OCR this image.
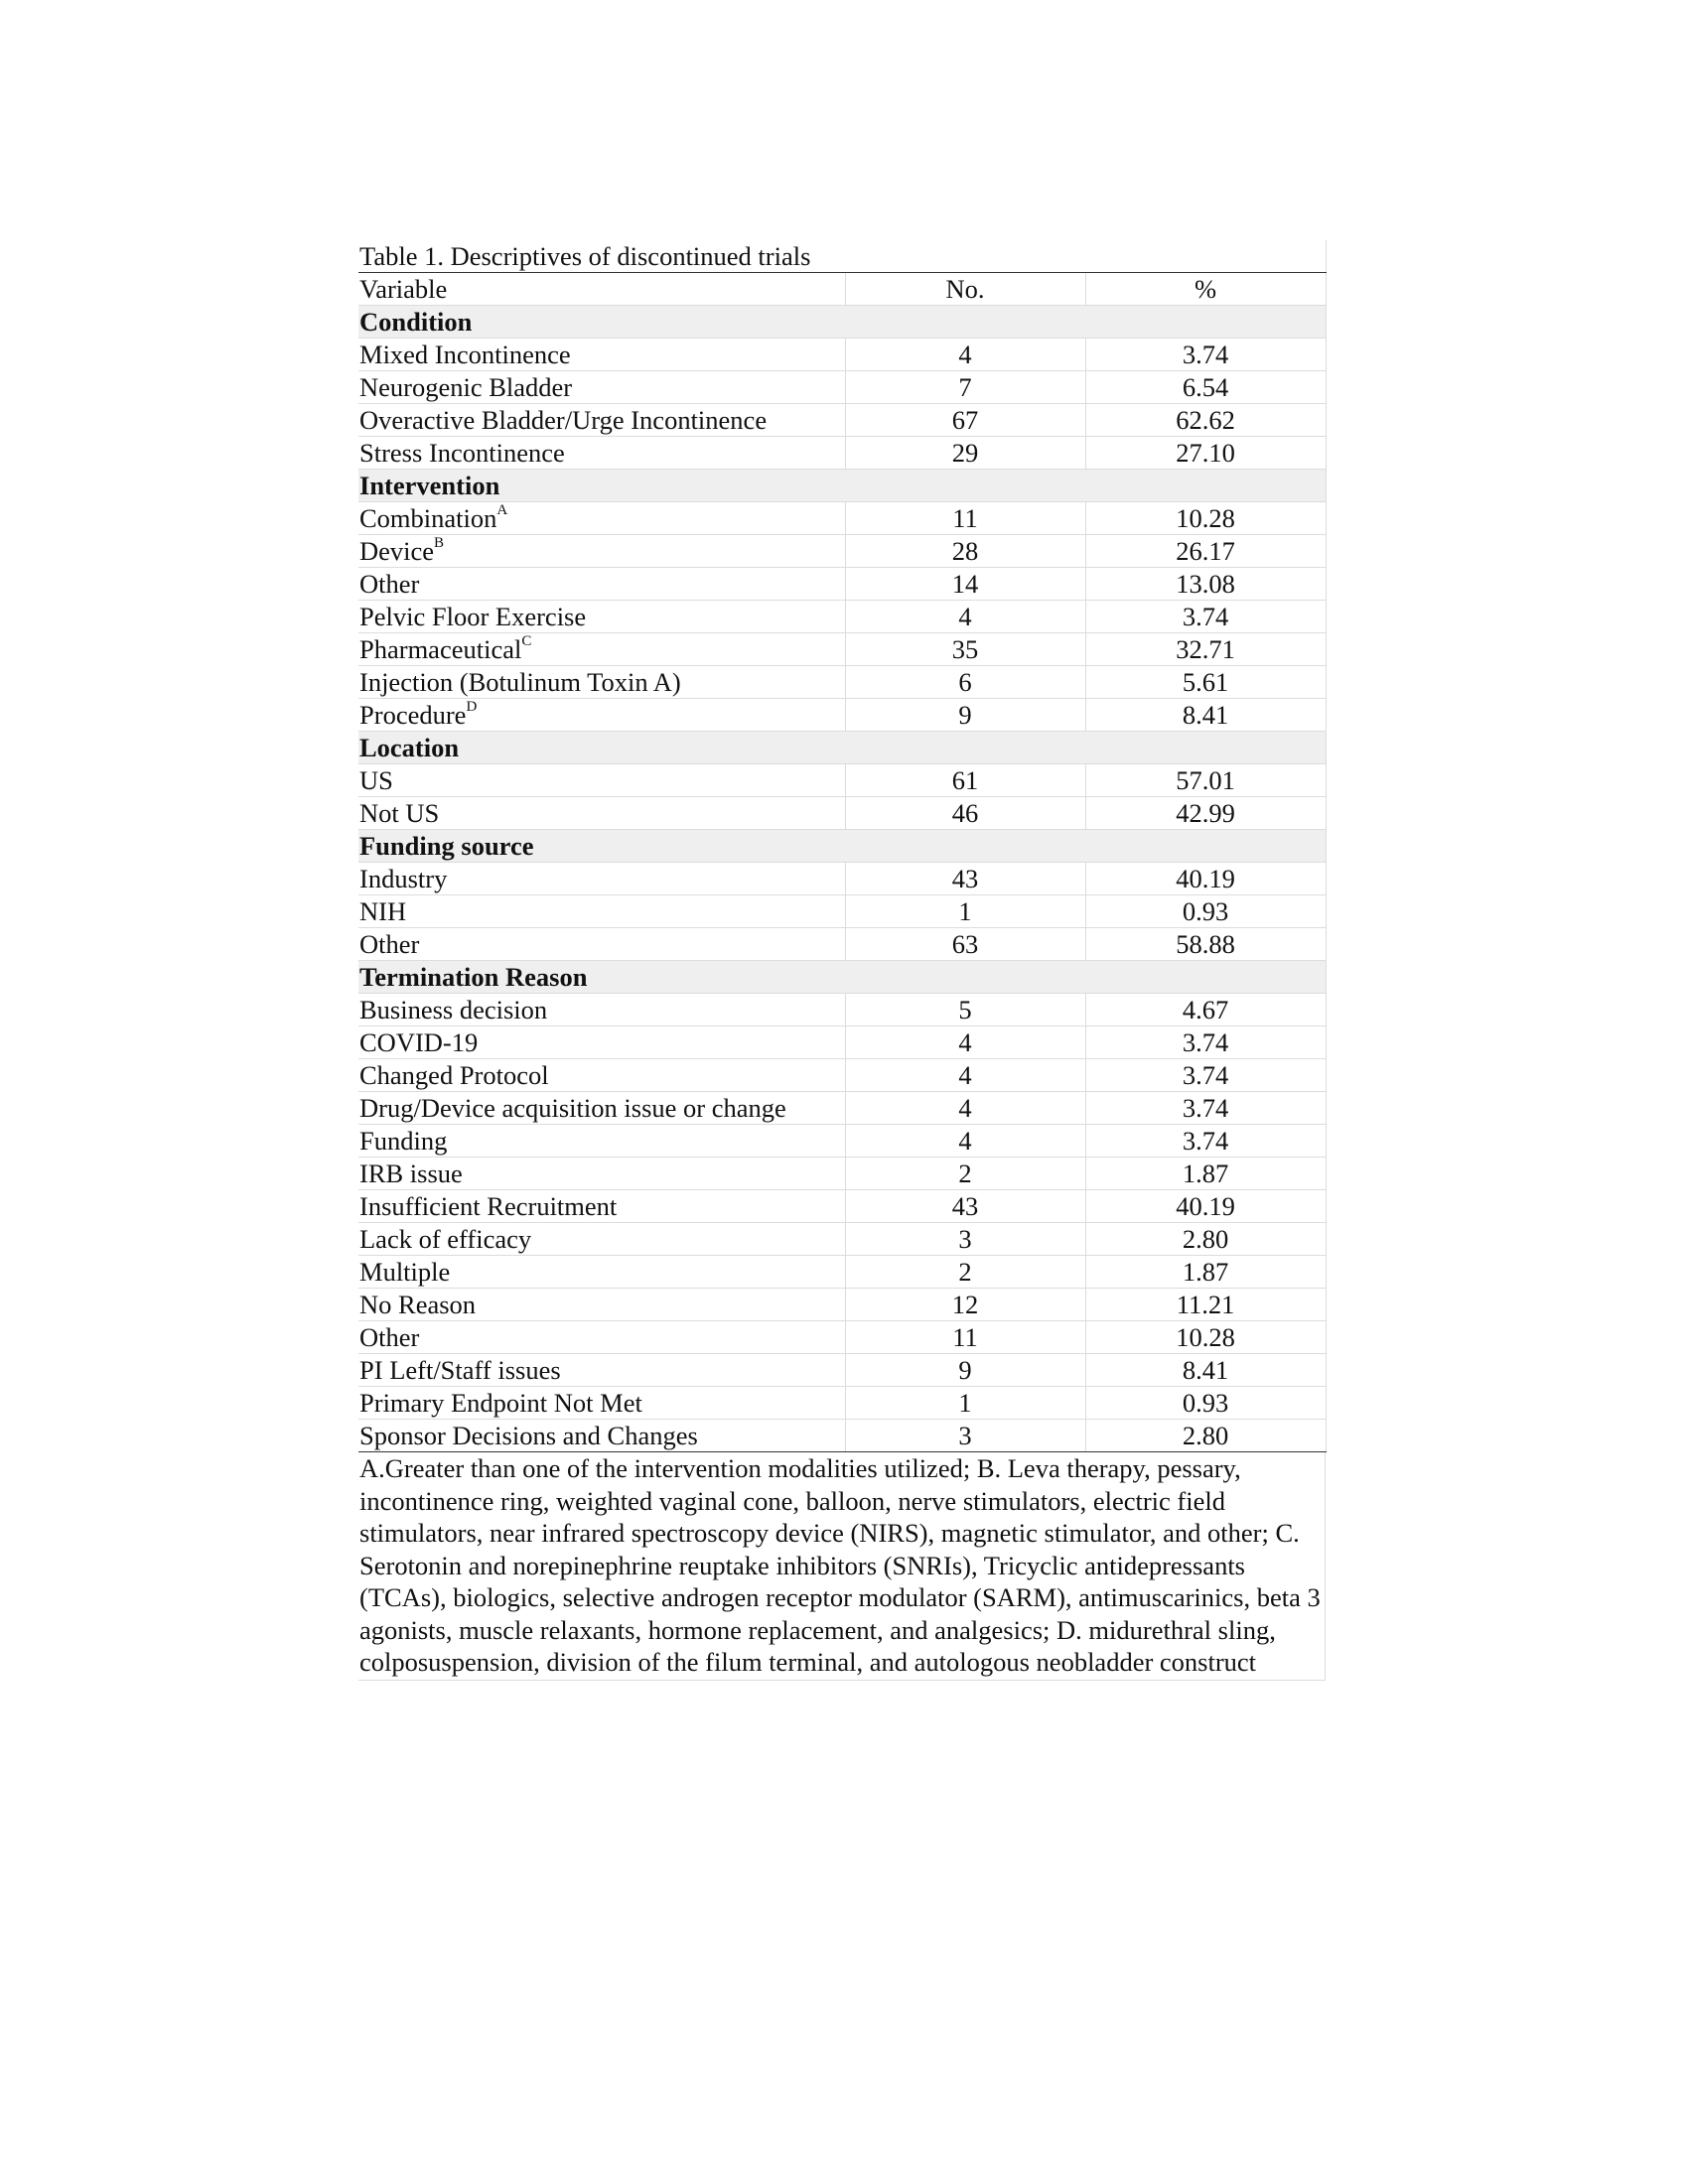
Table 1. Descriptives of discontinued trials		
Variable	No.	%
Condition		
Mixed Incontinence	4	3.74
Neurogenic Bladder	7	6.54
Overactive Bladder/Urge Incontinence	67	62.62
Stress Incontinence	29	27.10
Intervention		
Combination$^A$	11	10.28
Device$^B$	28	26.17
Other	14	13.08
Pelvic Floor Exercise	4	3.74
Pharmaceutical$^C$	35	32.71
Injection (Botulinum Toxin A)	6	5.61
Procedure$^D$	9	8.41
Location		
US	61	57.01
Not US	46	42.99
Funding source		
Industry	43	40.19
NIH	1	0.93
Other	63	58.88
Termination Reason		
Business decision	5	4.67
COVID-19	4	3.74
Changed Protocol	4	3.74
Drug/Device acquisition issue or change	4	3.74
Funding	4	3.74
IRB issue	2	1.87
Insufficient Recruitment	43	40.19
Lack of efficacy	3	2.80
Multiple	2	1.87
No Reason	12	11.21
Other	11	10.28
PI Left/Staff issues	9	8.41
Primary Endpoint Not Met	1	0.93
Sponsor Decisions and Changes	3	2.80
A.Greater than one of the intervention modalities utilized; B. Leva therapy, pessary, incontinence ring, weighted vaginal cone, balloon, nerve stimulators, electric field stimulators, near infrared spectroscopy device (NIRS), magnetic stimulator, and other; C. Serotonin and norepinephrine reuptake inhibitors (SNRIs), Tricyclic antidepressants (TCAs), biologics, selective androgen receptor modulator (SARM), antimuscarinics, beta 3 agonists, muscle relaxants, hormone replacement, and analgesics; D. midurethral sling, colposuspension, division of the filum terminal, and autologous neobladder construct
